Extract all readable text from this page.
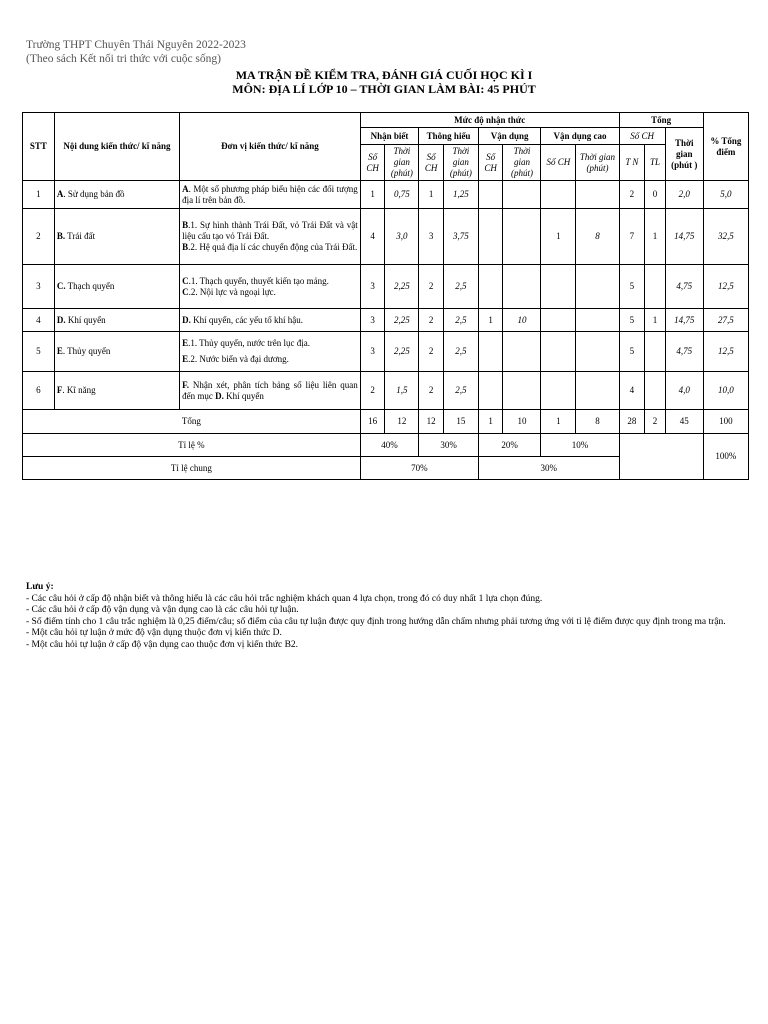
Trường THPT Chuyên Thái Nguyên 2022-2023
(Theo sách Kết nối tri thức với cuộc sống)
MA TRẬN ĐỀ KIỂM TRA, ĐÁNH GIÁ CUỐI HỌC KÌ I
MÔN: ĐỊA LÍ LỚP 10 – THỜI GIAN LÀM BÀI: 45 PHÚT
STT	Nội dung kiến thức/ kĩ năng	Đơn vị kiến thức/ kĩ năng	Mức độ nhận thức								Tổng			% Tổng điểm
			Nhận biết		Thông hiểu		Vận dụng		Vận dụng cao		Số CH		Thời gian (phút )	
			Số CH	Thời gian (phút)	Số CH	Thời gian (phút)	Số CH	Thời gian (phút)	Số CH	Thời gian (phút)	T N	TL		
1	A. Sử dụng bản đồ	A. Một số phương pháp biểu hiện các đối tượng địa lí trên bản đồ.	1	0,75	1	1,25					2	0	2,0	5,0
2	B. Trái đất	B.1. Sự hình thành Trái Đất, vỏ Trái Đất và vật liệu cấu tạo vỏ Trái Đất.
B.2. Hệ quả địa lí các chuyển động của Trái Đất.	4	3,0	3	3,75			1	8	7	1	14,75	32,5
3	C. Thạch quyển	C.1. Thạch quyển, thuyết kiến tạo mảng.
C.2. Nội lực và ngoại lực.	3	2,25	2	2,5					5		4,75	12,5
4	D. Khí quyển	D. Khí quyển, các yếu tố khí hậu.	3	2,25	2	2,5	1	10			5	1	14,75	27,5
5	E. Thủy quyển	E.1. Thủy quyển, nước trên lục địa.
E.2. Nước biển và đại dương.	3	2,25	2	2,5					5		4,75	12,5
6	F. Kĩ năng	F. Nhận xét, phân tích bảng số liệu liên quan đến mục D. Khí quyển	2	1,5	2	2,5					4		4,0	10,0
Tổng			16	12	12	15	1	10	1	8	28	2	45	100
Tỉ lệ %			40%		30%		20%		10%					100%
Tỉ lệ chung			70%				30%							
Lưu ý:
- Các câu hỏi ở cấp độ nhận biết và thông hiểu là các câu hỏi trắc nghiệm khách quan 4 lựa chọn, trong đó có duy nhất 1 lựa chọn đúng.
- Các câu hỏi ở cấp độ vận dụng và vận dụng cao là các câu hỏi tự luận.
- Số điểm tính cho 1 câu trắc nghiệm là 0,25 điểm/câu; số điểm của câu tự luận được quy định trong hướng dẫn chấm nhưng phải tương ứng với tỉ lệ điểm được quy định trong ma trận.
- Một câu hỏi tự luận ở mức độ vận dụng thuộc đơn vị kiến thức D.
- Một câu hỏi tự luận ở cấp độ vận dụng cao thuộc đơn vị kiến thức B2.
